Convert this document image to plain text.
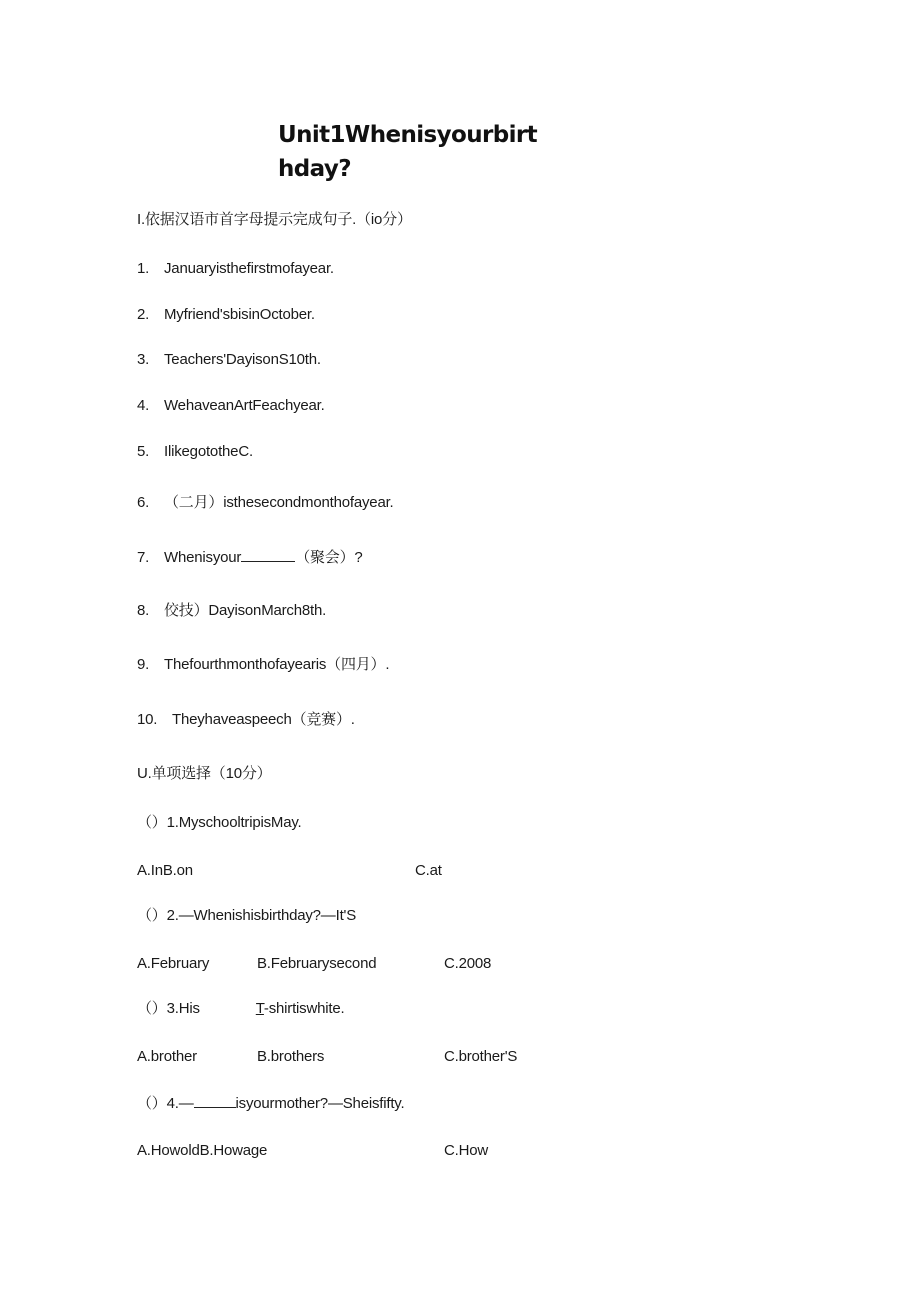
Unit1Whenisyourbirthday?
I.依据汉语市首字母提示完成句子.（io分）
1. Januaryisthefirstmofayear.
2. Myfriend'sbisinOctober.
3. Teachers'DayisonS10th.
4. WehaveanArtFeachyear.
5. IlikegototheC.
6. （二月）isthesecondmonthofayear.
7. Whenisyour	（聚会）?
8. 佼技）DayisonMarch8th.
9. Thefourthmonthofayearis（四月）.
10. Theyhaveaspeech（竞赛）.
U.单项选择（10分）
（）1.MyschooltripisMay.
A.InB.on	C.at
（）2.—Whenishisbirthday?—It'S
A.February	B.Februarysecond	C.2008
（）3.His	T-shirtiswhite.
A.brother	B.brothers	C.brother'S
（）4.—	isyourmother?—Sheisfifty.
A.HowoldB.Howage	C.How
